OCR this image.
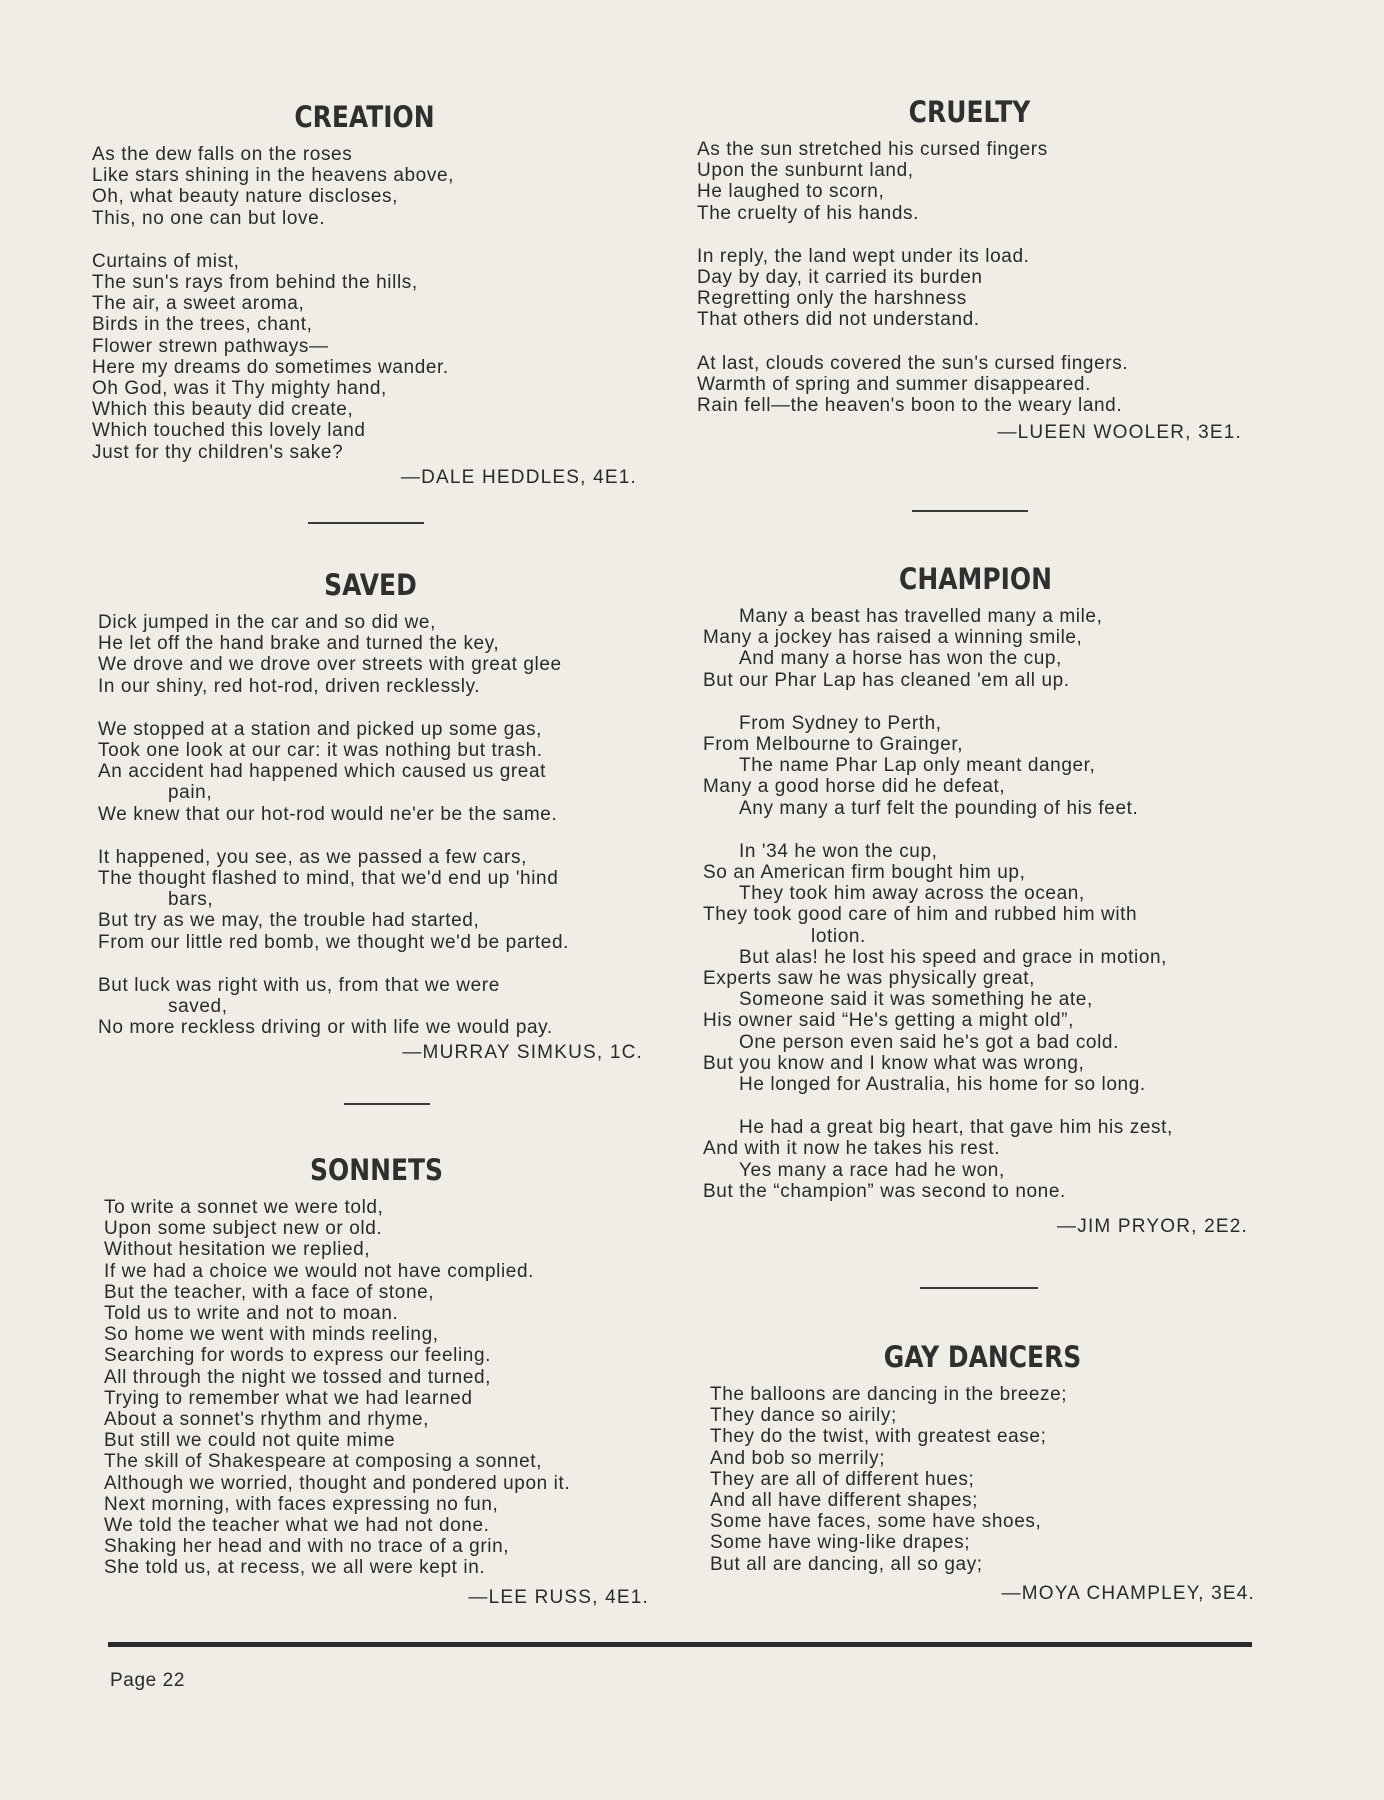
CREATION
As the dew falls on the roses
Like stars shining in the heavens above,
Oh, what beauty nature discloses,
This, no one can but love.
Curtains of mist,
The sun's rays from behind the hills,
The air, a sweet aroma,
Birds in the trees, chant,
Flower strewn pathways—
Here my dreams do sometimes wander.
Oh God, was it Thy mighty hand,
Which this beauty did create,
Which touched this lovely land
Just for thy children's sake?
—DALE HEDDLES, 4E1.
CRUELTY
As the sun stretched his cursed fingers
Upon the sunburnt land,
He laughed to scorn,
The cruelty of his hands.
In reply, the land wept under its load.
Day by day, it carried its burden
Regretting only the harshness
That others did not understand.
At last, clouds covered the sun's cursed fingers.
Warmth of spring and summer disappeared.
Rain fell—the heaven's boon to the weary land.
—LUEEN WOOLER, 3E1.
SAVED
Dick jumped in the car and so did we,
He let off the hand brake and turned the key,
We drove and we drove over streets with great glee
In our shiny, red hot-rod, driven recklessly.
We stopped at a station and picked up some gas,
Took one look at our car: it was nothing but trash.
An accident had happened which caused us great
pain,
We knew that our hot-rod would ne'er be the same.
It happened, you see, as we passed a few cars,
The thought flashed to mind, that we'd end up 'hind
bars,
But try as we may, the trouble had started,
From our little red bomb, we thought we'd be parted.
But luck was right with us, from that we were
saved,
No more reckless driving or with life we would pay.
—MURRAY SIMKUS, 1C.
CHAMPION
Many a beast has travelled many a mile,
Many a jockey has raised a winning smile,
And many a horse has won the cup,
But our Phar Lap has cleaned 'em all up.
From Sydney to Perth,
From Melbourne to Grainger,
The name Phar Lap only meant danger,
Many a good horse did he defeat,
Any many a turf felt the pounding of his feet.
In '34 he won the cup,
So an American firm bought him up,
They took him away across the ocean,
They took good care of him and rubbed him with
lotion.
But alas! he lost his speed and grace in motion,
Experts saw he was physically great,
Someone said it was something he ate,
His owner said “He's getting a might old”,
One person even said he's got a bad cold.
But you know and I know what was wrong,
He longed for Australia, his home for so long.
He had a great big heart, that gave him his zest,
And with it now he takes his rest.
Yes many a race had he won,
But the “champion” was second to none.
—JIM PRYOR, 2E2.
SONNETS
To write a sonnet we were told,
Upon some subject new or old.
Without hesitation we replied,
If we had a choice we would not have complied.
But the teacher, with a face of stone,
Told us to write and not to moan.
So home we went with minds reeling,
Searching for words to express our feeling.
All through the night we tossed and turned,
Trying to remember what we had learned
About a sonnet's rhythm and rhyme,
But still we could not quite mime
The skill of Shakespeare at composing a sonnet,
Although we worried, thought and pondered upon it.
Next morning, with faces expressing no fun,
We told the teacher what we had not done.
Shaking her head and with no trace of a grin,
She told us, at recess, we all were kept in.
—LEE RUSS, 4E1.
GAY DANCERS
The balloons are dancing in the breeze;
They dance so airily;
They do the twist, with greatest ease;
And bob so merrily;
They are all of different hues;
And all have different shapes;
Some have faces, some have shoes,
Some have wing-like drapes;
But all are dancing, all so gay;
—MOYA CHAMPLEY, 3E4.
Page 22
